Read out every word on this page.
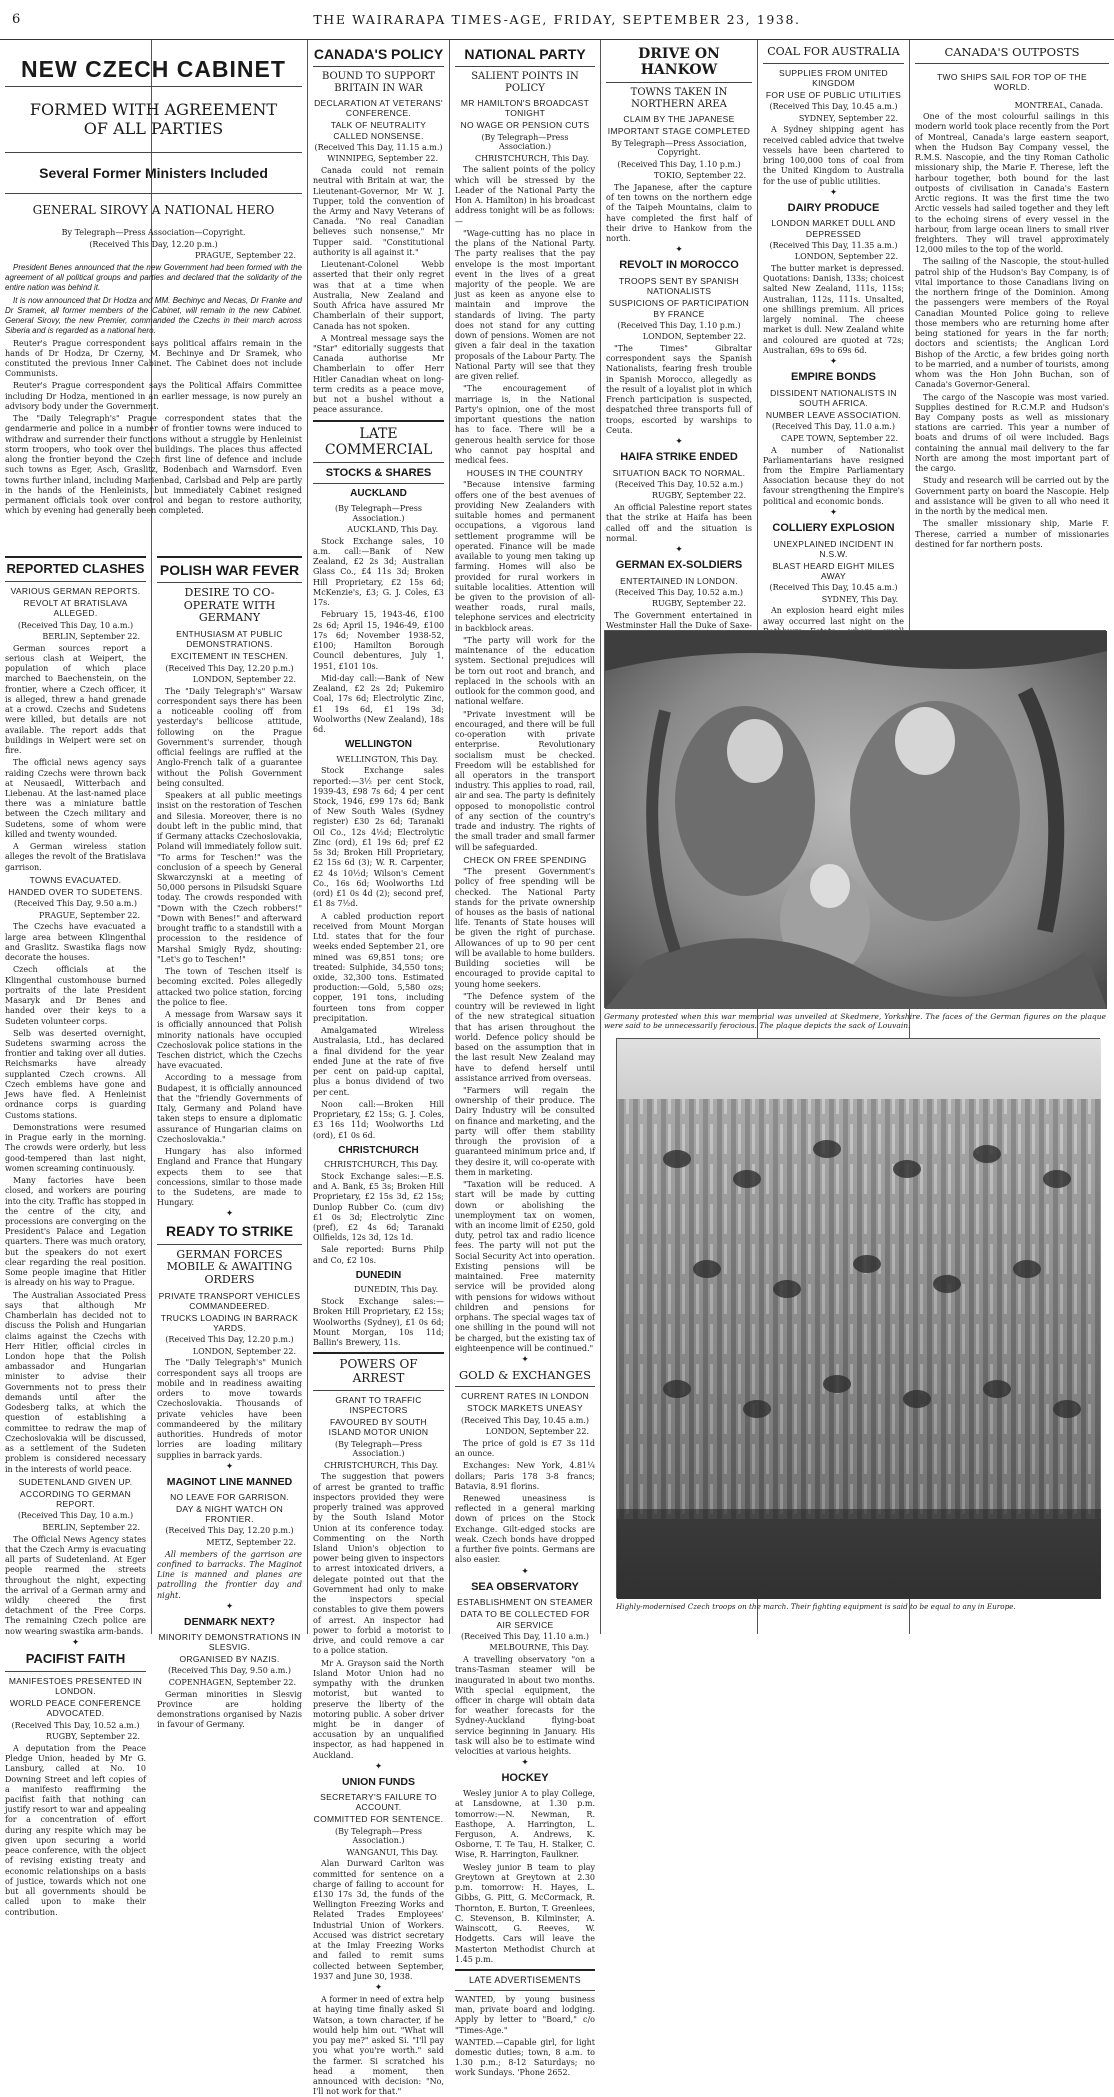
6	THE WAIRARAPA TIMES-AGE, FRIDAY, SEPTEMBER 23, 1938.
NEW CZECH CABINET
FORMED WITH AGREEMENT OF ALL PARTIES
Several Former Ministers Included
GENERAL SIROVY A NATIONAL HERO
By Telegraph—Press Association—Copyright.
(Received This Day, 12.20 p.m.)
PRAGUE, September 22.

President Benes announced that the new Government had been formed with the agreement of all political groups and parties and declared that the solidarity of the entire nation was behind it.

It is now announced that Dr Hodza and MM. Bechinyc and Necas, Dr Franke and Dr Sramek, all former members of the Cabinet, will remain in the new Cabinet. General Sirovy, the new Premier, commanded the Czechs in their march across Siberia and is regarded as a national hero.

Reuter's Prague correspondent says political affairs remain in the hands of Dr Hodza, Dr Czerny, M. Bechinye and Dr Sramek, who constituted the previous Inner Cabinet. The Cabinet does not include Communists.

Reuter's Prague correspondent says the Political Affairs Committee including Dr Hodza, mentioned in an earlier message, is now purely an advisory body under the Government.

The "Daily Telegraph's" Prague correspondent states that the gendarmerie and police in a number of frontier towns were induced to withdraw and surrender their functions without a struggle by Henleinist storm troopers, who took over the buildings. The places thus affected along the frontier beyond the Czech first line of defence and include such towns as Eger, Asch, Graslitz, Bodenbach and Warnsdorf. Even towns further inland, including Marienbad, Carlsbad and Pelp are partly in the hands of the Henleinists, but immediately Cabinet resigned permanent officials took over control and began to restore authority, which by evening had generally been completed.

REPORTED CLASHES
VARIOUS GERMAN REPORTS.
REVOLT AT BRATISLAVA ALLEGED.
(Received This Day, 10 a.m.)
BERLIN, September 22.

German sources report a serious clash at Weipert, the population of which place marched to Baechenstein, on the frontier, where a Czech officer, it is alleged, threw a hand grenade at a crowd. Czechs and Sudetens were killed, but details are not available. The report adds that buildings in Weipert were set on fire.

The official news agency says raiding Czechs were thrown back at Neusaedl, Witterbach and Liebenau. At the last-named place there was a miniature battle between the Czech military and Sudetens, some of whom were killed and twenty wounded.

A German wireless station alleges the revolt of the Bratislava garrison.

TOWNS EVACUATED.
HANDED OVER TO SUDETENS.
(Received This Day, 9.50 a.m.)
PRAGUE, September 22.

The Czechs have evacuated a large area between Klingenthal and Graslitz. Swastika flags now decorate the houses.

Czech officials at the Klingenthal customhouse burned portraits of the late President Masaryk and Dr Benes and handed over their keys to a Sudeten volunteer corps.

Selb was deserted overnight, Sudetens swarming across the frontier and taking over all duties. Reichsmarks have already supplanted Czech crowns. All Czech emblems have gone and Jews have fled. A Henleinist ordnance corps is guarding Customs stations.

Demonstrations were resumed in Prague early in the morning. The crowds were orderly, but less good-tempered than last night, women screaming continuously.

Many factories have been closed, and workers are pouring into the city. Traffic has stopped in the centre of the city, and processions are converging on the President's Palace and Legation quarters. There was much oratory, but the speakers do not exert clear regarding the real position. Some people imagine that Hitler is already on his way to Prague.

The Australian Associated Press says that although Mr Chamberlain has decided not to discuss the Polish and Hungarian claims against the Czechs with Herr Hitler, official circles in London hope that the Polish ambassador and Hungarian minister to advise their Governments not to press their demands until after the Godesberg talks, at which the question of establishing a committee to redraw the map of Czechoslovakia will be discussed, as a settlement of the Sudeten problem is considered necessary in the interests of world peace.

SUDETENLAND GIVEN UP.
ACCORDING TO GERMAN REPORT.
(Received This Day, 10 a.m.)
BERLIN, September 22.

The Official News Agency states that the Czech Army is evacuating all parts of Sudetenland. At Eger people rearmed the streets throughout the night, expecting the arrival of a German army and wildly cheered the first detachment of the Free Corps. The remaining Czech police are now wearing swastika arm-bands.

✦
PACIFIST FAITH
MANIFESTOES PRESENTED IN LONDON.
WORLD PEACE CONFERENCE ADVOCATED.
(Received This Day, 10.52 a.m.)
RUGBY, September 22.

A deputation from the Peace Pledge Union, headed by Mr G. Lansbury, called at No. 10 Downing Street and left copies of a manifesto reaffirming the pacifist faith that nothing can justify resort to war and appealing for a concentration of effort during any respite which may be given upon securing a world peace conference, with the object of revising existing treaty and economic relationships on a basis of justice, towards which not one but all governments should be called upon to make their contribution.

POLISH WAR FEVER
DESIRE TO CO-OPERATE WITH GERMANY
ENTHUSIASM AT PUBLIC DEMONSTRATIONS.
EXCITEMENT IN TESCHEN.
(Received This Day, 12.20 p.m.)
LONDON, September 22.

The "Daily Telegraph's" Warsaw correspondent says there has been a noticeable cooling off from yesterday's bellicose attitude, following on the Prague Government's surrender, though official feelings are ruffled at the Anglo-French talk of a guarantee without the Polish Government being consulted.

Speakers at all public meetings insist on the restoration of Teschen and Silesia. Moreover, there is no doubt left in the public mind, that if Germany attacks Czechoslovakia, Poland will immediately follow suit. "To arms for Teschen!" was the conclusion of a speech by General Skwarczynski at a meeting of 50,000 persons in Pilsudski Square today. The crowds responded with "Down with the Czech robbers!" "Down with Benes!" and afterward brought traffic to a standstill with a procession to the residence of Marshal Smigly Rydz, shouting: "Let's go to Teschen!"

The town of Teschen itself is becoming excited. Poles allegedly attacked two police station, forcing the police to flee.

A message from Warsaw says it is officially announced that Polish minority nationals have occupied Czechoslovak police stations in the Teschen district, which the Czechs have evacuated.

According to a message from Budapest, it is officially announced that the "friendly Governments of Italy, Germany and Poland have taken steps to ensure a diplomatic assurance of Hungarian claims on Czechoslovakia."

Hungary has also informed England and France that Hungary expects them to see that concessions, similar to those made to the Sudetens, are made to Hungary.

✦
READY TO STRIKE
GERMAN FORCES MOBILE & AWAITING ORDERS
PRIVATE TRANSPORT VEHICLES COMMANDEERED.
TRUCKS LOADING IN BARRACK YARDS.
(Received This Day, 12.20 p.m.)
LONDON, September 22.

The "Daily Telegraph's" Munich correspondent says all troops are mobile and in readiness awaiting orders to move towards Czechoslovakia. Thousands of private vehicles have been commandeered by the military authorities. Hundreds of motor lorries are loading military supplies in barrack yards.

✦
MAGINOT LINE MANNED
NO LEAVE FOR GARRISON.
DAY & NIGHT WATCH ON FRONTIER.
(Received This Day, 12.20 p.m.)
METZ, September 22.

All members of the garrison are confined to barracks. The Maginot Line is manned and planes are patrolling the frontier day and night.

✦
DENMARK NEXT?
MINORITY DEMONSTRATIONS IN SLESVIG.
ORGANISED BY NAZIS.
(Received This Day, 9.50 a.m.)
COPENHAGEN, September 22.

German minorities in Slesvig Province are holding demonstrations organised by Nazis in favour of Germany.

CANADA'S POLICY
BOUND TO SUPPORT BRITAIN IN WAR
DECLARATION AT VETERANS' CONFERENCE.
TALK OF NEUTRALITY CALLED NONSENSE.
(Received This Day, 11.15 a.m.)
WINNIPEG, September 22.

Canada could not remain neutral with Britain at war, the Lieutenant-Governor, Mr W. J. Tupper, told the convention of the Army and Navy Veterans of Canada. "No real Canadian believes such nonsense," Mr Tupper said. "Constitutional authority is all against it."

Lieutenant-Colonel Webb asserted that their only regret was that at a time when Australia, New Zealand and South Africa have assured Mr Chamberlain of their support, Canada has not spoken.

A Montreal message says the "Star" editorially suggests that Canada authorise Mr Chamberlain to offer Herr Hitler Canadian wheat on long-term credits as a peace move, but not a bushel without a peace assurance.

LATE COMMERCIAL
STOCKS & SHARES
AUCKLAND
(By Telegraph—Press Association.)
AUCKLAND, This Day.

Stock Exchange sales, 10 a.m. call:—Bank of New Zealand, £2 2s 3d; Australian Glass Co., £4 11s 3d; Broken Hill Proprietary, £2 15s 6d; McKenzie's, £3; G. J. Coles, £3 17s.

February 15, 1943-46, £100 2s 6d; April 15, 1946-49, £100 17s 6d; November 1938-52, £100; Hamilton Borough Council debentures, July 1, 1951, £101 10s.

Mid-day call:—Bank of New Zealand, £2 2s 2d; Pukemiro Coal, 17s 6d; Electrolytic Zinc, £1 19s 6d, £1 19s 3d; Woolworths (New Zealand), 18s 6d.

WELLINGTON
WELLINGTON, This Day.

Stock Exchange sales reported:—3½ per cent Stock, 1939-43, £98 7s 6d; 4 per cent Stock, 1946, £99 17s 6d; Bank of New South Wales (Sydney register) £30 2s 6d; Taranaki Oil Co., 12s 4½d; Electrolytic Zinc (ord), £1 19s 6d; pref £2 5s 3d; Broken Hill Proprietary, £2 15s 6d (3); W. R. Carpenter, £2 4s 10½d; Wilson's Cement Co., 16s 6d; Woolworths Ltd (ord) £1 0s 4d (2); second pref, £1 8s 7½d.

A cabled production report received from Mount Morgan Ltd. states that for the four weeks ended September 21, ore mined was 69,851 tons; ore treated: Sulphide, 34,550 tons; oxide, 32,300 tons. Estimated production:—Gold, 5,580 ozs; copper, 191 tons, including fourteen tons from copper precipitation.

Amalgamated Wireless Australasia, Ltd., has declared a final dividend for the year ended June at the rate of five per cent on paid-up capital, plus a bonus dividend of two per cent.

Noon call:—Broken Hill Proprietary, £2 15s; G. J. Coles, £3 16s 11d; Woolworths Ltd (ord), £1 0s 6d.

CHRISTCHURCH
CHRISTCHURCH, This Day.

Stock Exchange sales:—E.S. and A. Bank, £5 3s; Broken Hill Proprietary, £2 15s 3d, £2 15s; Dunlop Rubber Co. (cum div) £1 0s 3d; Electrolytic Zinc (pref), £2 4s 6d; Taranaki Oilfields, 12s 3d, 12s 1d.

Sale reported: Burns Philp and Co, £2 10s.

DUNEDIN
DUNEDIN, This Day.

Stock Exchange sales:—Broken Hill Proprietary, £2 15s; Woolworths (Sydney), £1 0s 6d; Mount Morgan, 10s 11d; Ballin's Brewery, 11s.

POWERS OF ARREST
GRANT TO TRAFFIC INSPECTORS
FAVOURED BY SOUTH ISLAND MOTOR UNION
(By Telegraph—Press Association.)
CHRISTCHURCH, This Day.

The suggestion that powers of arrest be granted to traffic inspectors provided they were properly trained was approved by the South Island Motor Union at its conference today. Commenting on the North Island Union's objection to power being given to inspectors to arrest intoxicated drivers, a delegate pointed out that the Government had only to make the inspectors special constables to give them powers of arrest. An inspector had power to forbid a motorist to drive, and could remove a car to a police station.

Mr A. Grayson said the North Island Motor Union had no sympathy with the drunken motorist, but wanted to preserve the liberty of the motoring public. A sober driver might be in danger of accusation by an unqualified inspector, as had happened in Auckland.

✦
UNION FUNDS
SECRETARY'S FAILURE TO ACCOUNT.
COMMITTED FOR SENTENCE.
(By Telegraph—Press Association.)
WANGANUI, This Day.

Alan Durward Carlton was committed for sentence on a charge of failing to account for £130 17s 3d, the funds of the Wellington Freezing Works and Related Trades Employees' Industrial Union of Workers. Accused was district secretary at the Imlay Freezing Works and failed to remit sums collected between September, 1937 and June 30, 1938.

✦

A former in need of extra help at haying time finally asked Si Watson, a town character, if he would help him out. "What will you pay me?" asked Si. "I'll pay you what you're worth." said the farmer. Si scratched his head a moment, then announced with decision: "No, I'll not work for that."

NATIONAL PARTY
SALIENT POINTS IN POLICY
MR HAMILTON'S BROADCAST TONIGHT
NO WAGE OR PENSION CUTS
(By Telegraph—Press Association.)
CHRISTCHURCH, This Day.

The salient points of the policy which will be stressed by the Leader of the National Party the Hon A. Hamilton) in his broadcast address tonight will be as follows:—

"Wage-cutting has no place in the plans of the National Party. The party realises that the pay envelope is the most important event in the lives of a great majority of the people. We are just as keen as anyone else to maintain and improve the standards of living. The party does not stand for any cutting down of pensions. Women are not given a fair deal in the taxation proposals of the Labour Party. The National Party will see that they are given relief.

"The encouragement of marriage is, in the National Party's opinion, one of the most important questions the nation has to face. There will be a generous health service for those who cannot pay hospital and medical fees.

HOUSES IN THE COUNTRY

"Because intensive farming offers one of the best avenues of providing New Zealanders with suitable homes and permanent occupations, a vigorous land settlement programme will be operated. Finance will be made available to young men taking up farming. Homes will also be provided for rural workers in suitable localities. Attention will be given to the provision of all-weather roads, rural mails, telephone services and electricity in backblock areas.

"The party will work for the maintenance of the education system. Sectional prejudices will be torn out root and branch, and replaced in the schools with an outlook for the common good, and national welfare.

"Private investment will be encouraged, and there will be full co-operation with private enterprise. Revolutionary socialism must be checked. Freedom will be established for all operators in the transport industry. This applies to road, rail, air and sea. The party is definitely opposed to monopolistic control of any section of the country's trade and industry. The rights of the small trader and small farmer will be safeguarded.

CHECK ON FREE SPENDING

"The present Government's policy of free spending will be checked. The National Party stands for the private ownership of houses as the basis of national life. Tenants of State houses will be given the right of purchase. Allowances of up to 90 per cent will be available to home builders. Building societies will be encouraged to provide capital to young home seekers.

"The Defence system of the country will be reviewed in light of the new strategical situation that has arisen throughout the world. Defence policy should be based on the assumption that in the last result New Zealand may have to defend herself until assistance arrived from overseas.

"Farmers will regain the ownership of their produce. The Dairy Industry will be consulted on finance and marketing, and the party will offer them stability through the provision of a guaranteed minimum price and, if they desire it, will co-operate with them in marketing.

"Taxation will be reduced. A start will be made by cutting down or abolishing the unemployment tax on women, with an income limit of £250, gold duty, petrol tax and radio licence fees. The party will not put the Social Security Act into operation. Existing pensions will be maintained. Free maternity service will be provided along with pensions for widows without children and pensions for orphans. The special wages tax of one shilling in the pound will not be charged, but the existing tax of eighteenpence will be continued."

✦
GOLD & EXCHANGES
CURRENT RATES IN LONDON
STOCK MARKETS UNEASY
(Received This Day, 10.45 a.m.)
LONDON, September 22.

The price of gold is £7 3s 11d an ounce.

Exchanges: New York, 4.81¼ dollars; Paris 178 3-8 francs; Batavia, 8.91 florins.

Renewed uneasiness is reflected in a general marking down of prices on the Stock Exchange. Gilt-edged stocks are weak. Czech bonds have dropped a further five points. Germans are also easier.

✦
SEA OBSERVATORY
ESTABLISHMENT ON STEAMER
DATA TO BE COLLECTED FOR AIR SERVICE
(Received This Day, 11.10 a.m.)
MELBOURNE, This Day.

A travelling observatory "on a trans-Tasman steamer will be inaugurated in about two months. With special equipment, the officer in charge will obtain data for weather forecasts for the Sydney-Auckland flying-boat service beginning in January. His task will also be to estimate wind velocities at various heights.

✦
HOCKEY

Wesley junior A to play College, at Lansdowne, at 1.30 p.m. tomorrow:—N. Newman, R. Easthope, A. Harrington, L. Ferguson, A. Andrews, K. Osborne, T. Te Tau, H. Stalker, C. Wise, R. Harrington, Faulkner.

Wesley junior B team to play Greytown at Greytown at 2.30 p.m. tomorrow: H. Hayes, L. Gibbs, G. Pitt, G. McCormack, R. Thornton, E. Burton, T. Greenlees, C. Stevenson, B. Kilminster, A. Wainscott, G. Reeves, W. Hodgetts. Cars will leave the Masterton Methodist Church at 1.45 p.m.

LATE ADVERTISEMENTS

WANTED, by young business man, private board and lodging. Apply by letter to "Board," c/o "Times-Age."

WANTED.—Capable girl, for light domestic duties; town, 8 a.m. to 1.30 p.m.; 8-12 Saturdays; no work Sundays. 'Phone 2652.

DRIVE ON HANKOW
TOWNS TAKEN IN NORTHERN AREA
CLAIM BY THE JAPANESE
IMPORTANT STAGE COMPLETED
By Telegraph—Press Association, Copyright.
(Received This Day, 1.10 p.m.)
TOKIO, September 22.

The Japanese, after the capture of ten towns on the northern edge of the Taipeh Mountains, claim to have completed the first half of their drive to Hankow from the north.

✦
REVOLT IN MOROCCO
TROOPS SENT BY SPANISH NATIONALISTS
SUSPICIONS OF PARTICIPATION BY FRANCE
(Received This Day, 1.10 p.m.)
LONDON, September 22.

"The Times" Gibraltar correspondent says the Spanish Nationalists, fearing fresh trouble in Spanish Morocco, allegedly as the result of a loyalist plot in which French participation is suspected, despatched three transports full of troops, escorted by warships to Ceuta.

✦
HAIFA STRIKE ENDED
SITUATION BACK TO NORMAL.
(Received This Day, 10.52 a.m.)
RUGBY, September 22.

An official Palestine report states that the strike at Haifa has been called off and the situation is normal.

✦
GERMAN EX-SOLDIERS
ENTERTAINED IN LONDON.
(Received This Day, 10.52 a.m.)
RUGBY, September 22.

The Government entertained in Westminster Hall the Duke of Saxe-

COAL FOR AUSTRALIA
SUPPLIES FROM UNITED KINGDOM
FOR USE OF PUBLIC UTILITIES
(Received This Day, 10.45 a.m.)
SYDNEY, September 22.

A Sydney shipping agent has received cabled advice that twelve vessels have been chartered to bring 100,000 tons of coal from the United Kingdom to Australia for the use of public utilities.

✦
DAIRY PRODUCE
LONDON MARKET DULL AND DEPRESSED
(Received This Day, 11.35 a.m.)
LONDON, September 22.

The butter market is depressed. Quotations: Danish, 133s; choicest salted New Zealand, 111s, 115s; Australian, 112s, 111s. Unsalted, one shillings premium. All prices largely nominal. The cheese market is dull. New Zealand white and coloured are quoted at 72s; Australian, 69s to 69s 6d.

✦
EMPIRE BONDS
DISSIDENT NATIONALISTS IN SOUTH AFRICA.
NUMBER LEAVE ASSOCIATION.
(Received This Day, 11.0 a.m.)
CAPE TOWN, September 22.

A number of Nationalist Parliamentarians have resigned from the Empire Parliamentary Association because they do not favour strengthening the Empire's political and economic bonds.

✦
COLLIERY EXPLOSION
UNEXPLAINED INCIDENT IN N.S.W.
BLAST HEARD EIGHT MILES AWAY
(Received This Day, 10.45 a.m.)
SYDNEY, This Day.

An explosion heard eight miles away occurred last night on the

CANADA'S OUTPOSTS
TWO SHIPS SAIL FOR TOP OF THE WORLD.
MONTREAL, Canada.

One of the most colourful sailings in this modern world took place recently from the Port of Montreal, Canada's large eastern seaport, when the Hudson Bay Company vessel, the R.M.S. Nascopie, and the tiny Roman Catholic missionary ship, the Marie F. Therese, left the harbour together, both bound for the last outposts of civilisation in Canada's Eastern Arctic regions. It was the first time the two Arctic vessels had sailed together and they left to the echoing sirens of every vessel in the harbour, from large ocean liners to small river freighters. They will travel approximately 12,000 miles to the top of the world.

The sailing of the Nascopie, the stout-hulled patrol ship of the Hudson's Bay Company, is of vital importance to those Canadians living on the northern fringe of the Dominion. Among the passengers were members of the Royal Canadian Mounted Police going to relieve those members who are returning home after being stationed for years in the far north; doctors and scientists; the Anglican Lord Bishop of the Arctic, a few brides going north to be married, and a number of tourists, among whom was the Hon John Buchan, son of Canada's Governor-General.

The cargo of the Nascopie was most varied. Supplies destined for R.C.M.P. and Hudson's Bay Company posts as well as missionary stations are carried. This year a number of boats and drums of oil were included. Bags containing the annual mail delivery to the far North are among the most important part of the cargo.

Study and research will be carried out by the Government party on board the Nascopie. Help and assistance will be given to all who need it in the north by the medical men.

The smaller missionary ship, Marie F. Therese, carried a number of missionaries destined for far northern posts.

Germany protested when this war memorial was unveiled at Skedmere, Yorkshire. The faces of the German figures on the plaque were said to be unnecessarily ferocious. The plaque depicts the sack of Louvain.
Highly-modernised Czech troops on the march. Their fighting equipment is said to be equal to any in Europe.
